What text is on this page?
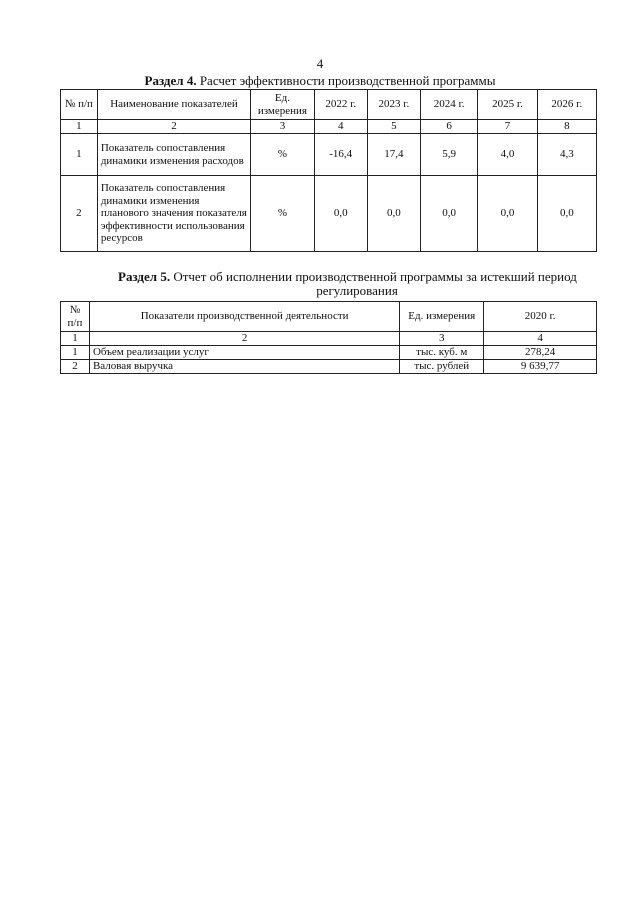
4
Раздел 4. Расчет эффективности производственной программы
№ п/п	Наименование показателей	Ед. измерения	2022 г.	2023 г.	2024 г.	2025 г.	2026 г.
1	2	3	4	5	6	7	8
1	Показатель сопоставления динамики изменения расходов	%	-16,4	17,4	5,9	4,0	4,3
2	Показатель сопоставления динамики изменения планового значения показателя эффективности использования ресурсов	%	0,0	0,0	0,0	0,0	0,0
Раздел 5. Отчет об исполнении производственной программы за истекший период
регулирования
№ п/п	Показатели производственной деятельности	Ед. измерения	2020 г.
1	2	3	4
1	Объем реализации услуг	тыс. куб. м	278,24
2	Валовая выручка	тыс. рублей	9 639,77
